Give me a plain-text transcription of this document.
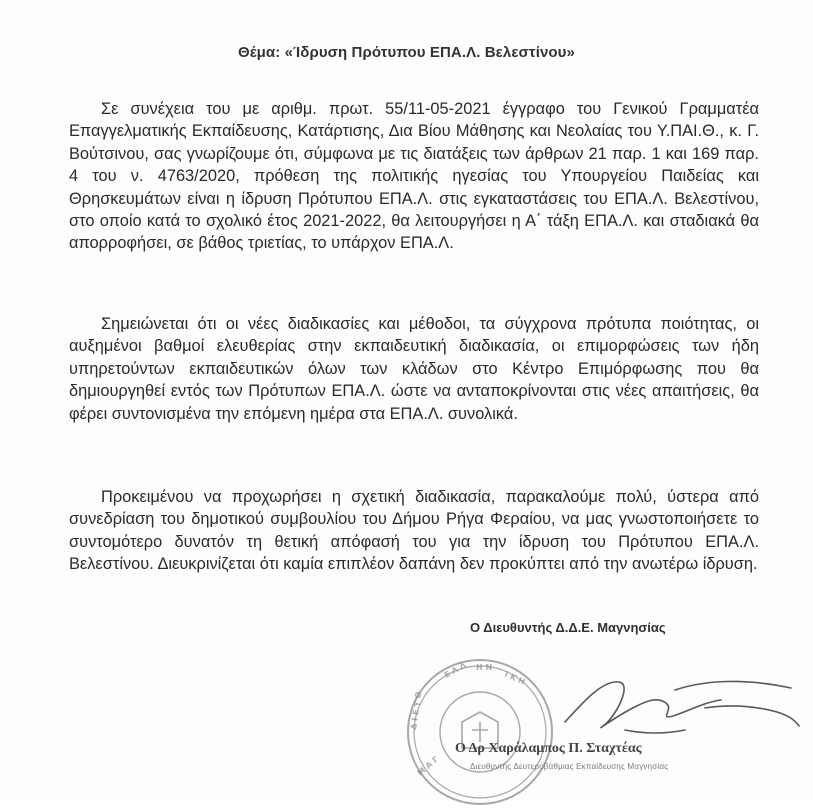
Θέμα: «Ίδρυση Πρότυπου ΕΠΑ.Λ. Βελεστίνου»

Σε συνέχεια του με αριθμ. πρωτ. 55/11-05-2021 έγγραφο του Γενικού Γραμματέα Επαγγελματικής Εκπαίδευσης, Κατάρτισης, Δια Βίου Μάθησης και Νεολαίας του Υ.ΠΑΙ.Θ., κ. Γ. Βούτσινου, σας γνωρίζουμε ότι, σύμφωνα με τις διατάξεις των άρθρων 21 παρ. 1 και 169 παρ. 4 του ν. 4763/2020, πρόθεση της πολιτικής ηγεσίας του Υπουργείου Παιδείας και Θρησκευμάτων είναι η ίδρυση Πρότυπου ΕΠΑ.Λ. στις εγκαταστάσεις του ΕΠΑ.Λ. Βελεστίνου, στο οποίο κατά το σχολικό έτος 2021-2022, θα λειτουργήσει η Α΄ τάξη ΕΠΑ.Λ. και σταδιακά θα απορροφήσει, σε βάθος τριετίας, το υπάρχον ΕΠΑ.Λ.

Σημειώνεται ότι οι νέες διαδικασίες και μέθοδοι, τα σύγχρονα πρότυπα ποιότητας, οι αυξημένοι βαθμοί ελευθερίας στην εκπαιδευτική διαδικασία, οι επιμορφώσεις των ήδη υπηρετούντων εκπαιδευτικών όλων των κλάδων στο Κέντρο Επιμόρφωσης που θα δημιουργηθεί εντός των Πρότυπων ΕΠΑ.Λ. ώστε να ανταποκρίνονται στις νέες απαιτήσεις, θα φέρει συντονισμένα την επόμενη ημέρα στα ΕΠΑ.Λ. συνολικά.

Προκειμένου να προχωρήσει η σχετική διαδικασία, παρακαλούμε πολύ, ύστερα από συνεδρίαση του δημοτικού συμβουλίου του Δήμου Ρήγα Φεραίου, να μας γνωστοποιήσετε το συντομότερο δυνατόν τη θετική απόφασή του για την ίδρυση του Πρότυπου ΕΠΑ.Λ. Βελεστίνου. Διευκρινίζεται ότι καμία επιπλέον δαπάνη δεν προκύπτει από την ανωτέρω ίδρυση.

Ο Διευθυντής Δ.Δ.Ε. Μαγνησίας
Ε Λ Λ Η Ν
Ι Κ Η
Δ Ι Ε Υ Θ
Μ Α Γ
Ο Δρ Χαράλαμπος Π. Σταχτέας
Διευθυντής Δευτεροβάθμιας Εκπαίδευσης Μαγνησίας
